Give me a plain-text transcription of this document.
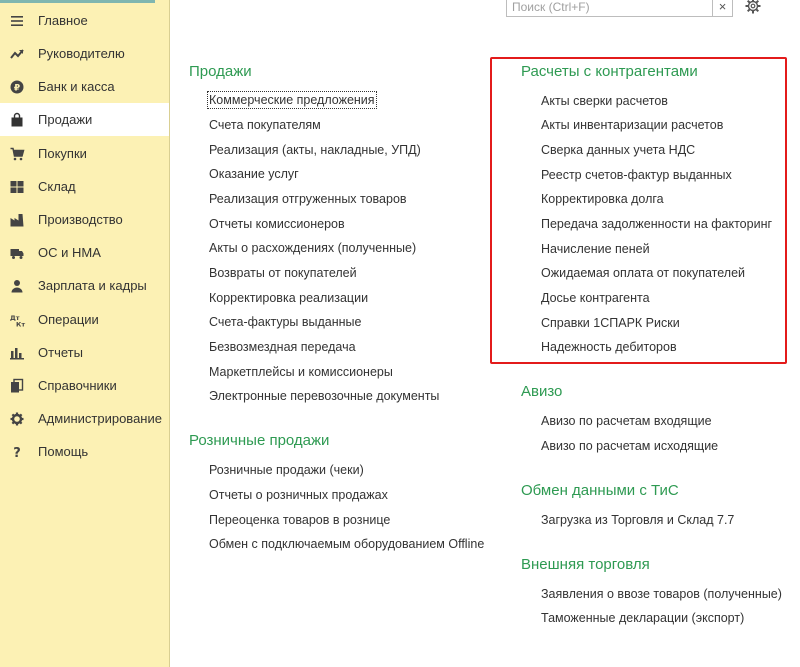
Главное
Руководителю
₽ Банк и касса
Продажи
Покупки
Склад
Производство
ОС и НМА
Зарплата и кадры
Дт
Кт Операции
Отчеты
Справочники
Администрирование
? Помощь
Поиск (Ctrl+F)	×
Продажи
Коммерческие предложения
Счета покупателям
Реализация (акты, накладные, УПД)
Оказание услуг
Реализация отгруженных товаров
Отчеты комиссионеров
Акты о расхождениях (полученные)
Возвраты от покупателей
Корректировка реализации
Счета-фактуры выданные
Безвозмездная передача
Маркетплейсы и комиссионеры
Электронные перевозочные документы
Розничные продажи
Розничные продажи (чеки)
Отчеты о розничных продажах
Переоценка товаров в рознице
Обмен с подключаемым оборудованием Offline
Расчеты с контрагентами
Акты сверки расчетов
Акты инвентаризации расчетов
Сверка данных учета НДС
Реестр счетов-фактур выданных
Корректировка долга
Передача задолженности на факторинг
Начисление пеней
Ожидаемая оплата от покупателей
Досье контрагента
Справки 1СПАРК Риски
Надежность дебиторов
Авизо
Авизо по расчетам входящие
Авизо по расчетам исходящие
Обмен данными с ТиС
Загрузка из Торговля и Склад 7.7
Внешняя торговля
Заявления о ввозе товаров (полученные)
Таможенные декларации (экспорт)
